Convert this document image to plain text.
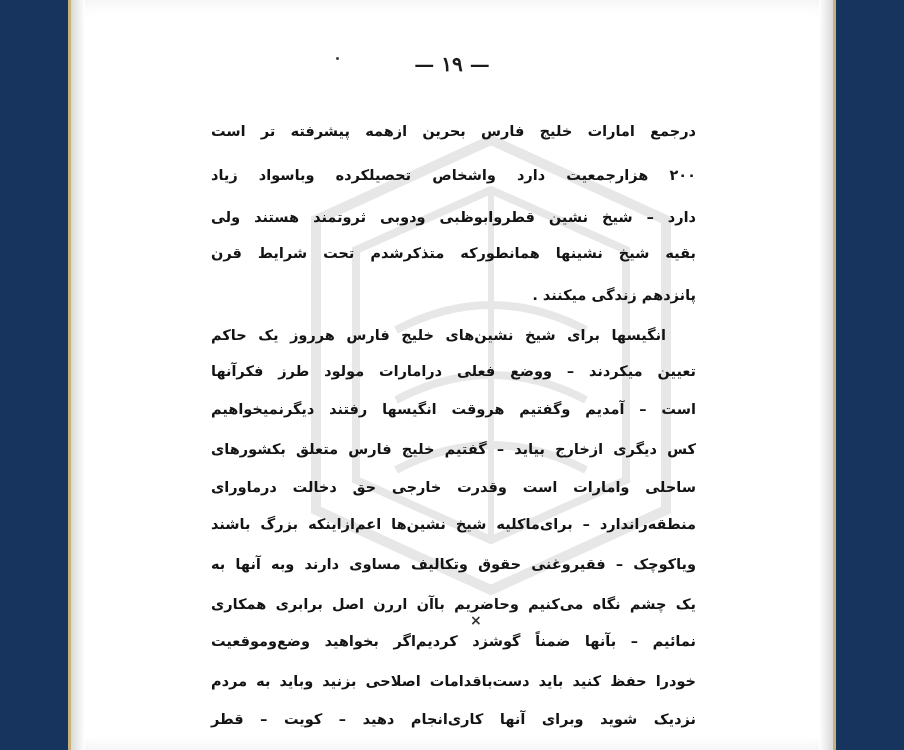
— ١٩ —
درجمع امارات خلیج فارس بحرین ازهمه پیشرفته تر است
۲۰۰ هزارجمعیت دارد واشخاص تحصیلکرده وباسواد زیاد
دارد – شیخ نشین قطروابوظبی ودوبی ثروتمند هستند ولی
بقیه شیخ نشینها همانطورکه متذکرشدم تحت شرایط قرن
پانزدهم زندگی میکنند .
انگیسها برای شیخ نشین‌های خلیج فارس هرروز یک حاکم
تعیین میکردند – ووضع فعلی درامارات مولود طرز فکرآنها
است – آمدیم وگفتیم هروقت انگیسها رفتند دیگرنمیخواهیم
کس دیگری ازخارج بیاید – گفتیم خلیج فارس متعلق بکشورهای
ساحلی وامارات است وقدرت خارجی حق دخالت درماورای
منطقه‌راندارد – برای‌ماکلیه شیخ نشین‌ها اعم‌ازاینکه بزرگ باشند
ویاکوچک – فقیروغنی حقوق وتکالیف مساوی دارند وبه آنها به
یک چشم نگاه می‌کنیم وحاضریم باآن اررن اصل برابری همکاری
×
نمائیم – بآنها ضمناً گوشزد کردیم‌اگر بخواهید وضع‌وموقعیت
خودرا حفظ کنید باید دست‌باقدامات اصلاحی بزنید وباید به مردم
نزدیک شوید وبرای آنها کاری‌انجام دهید – کویت – قطر
